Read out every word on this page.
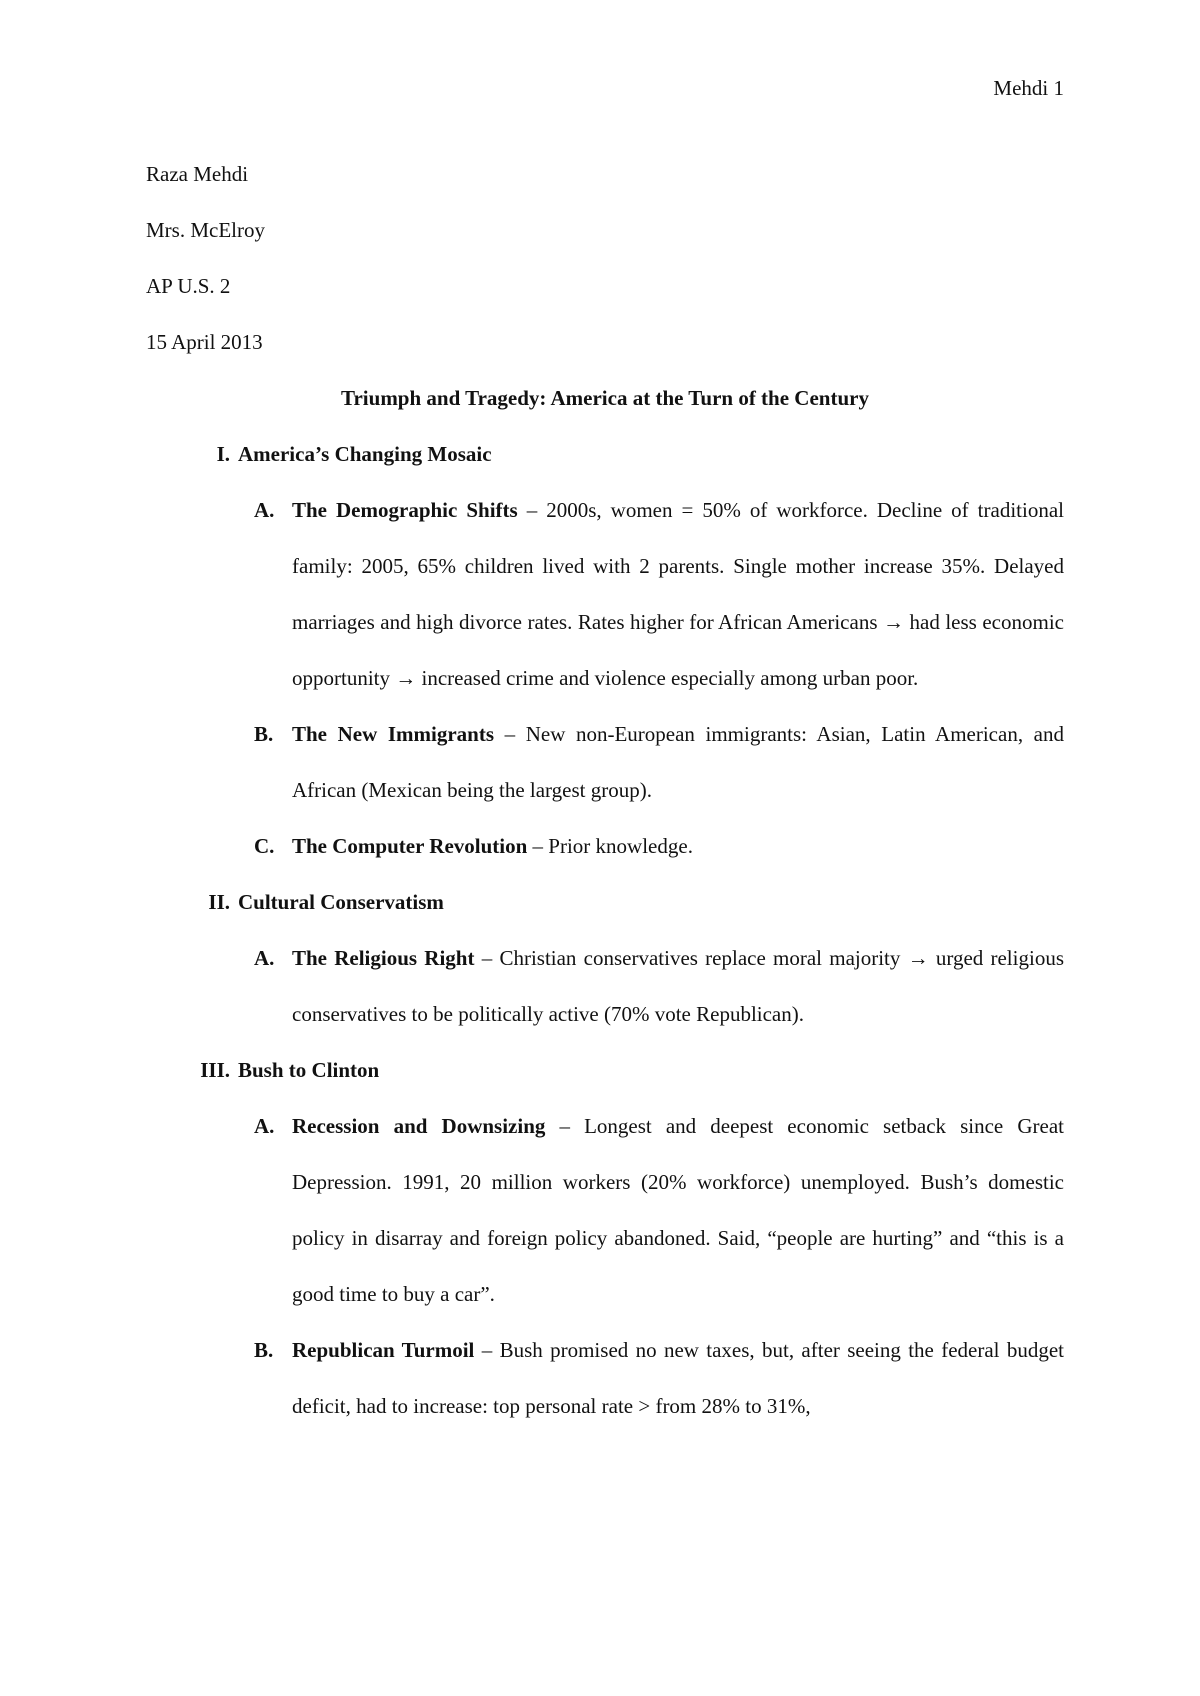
Mehdi 1
Raza Mehdi
Mrs. McElroy
AP U.S. 2
15 April 2013
Triumph and Tragedy: America at the Turn of the Century
I. America’s Changing Mosaic
A. The Demographic Shifts – 2000s, women = 50% of workforce. Decline of traditional family: 2005, 65% children lived with 2 parents. Single mother increase 35%. Delayed marriages and high divorce rates. Rates higher for African Americans → had less economic opportunity → increased crime and violence especially among urban poor.
B. The New Immigrants – New non-European immigrants: Asian, Latin American, and African (Mexican being the largest group).
C. The Computer Revolution – Prior knowledge.
II. Cultural Conservatism
A. The Religious Right – Christian conservatives replace moral majority → urged religious conservatives to be politically active (70% vote Republican).
III. Bush to Clinton
A. Recession and Downsizing – Longest and deepest economic setback since Great Depression. 1991, 20 million workers (20% workforce) unemployed. Bush’s domestic policy in disarray and foreign policy abandoned. Said, “people are hurting” and “this is a good time to buy a car”.
B. Republican Turmoil – Bush promised no new taxes, but, after seeing the federal budget deficit, had to increase: top personal rate > from 28% to 31%,
